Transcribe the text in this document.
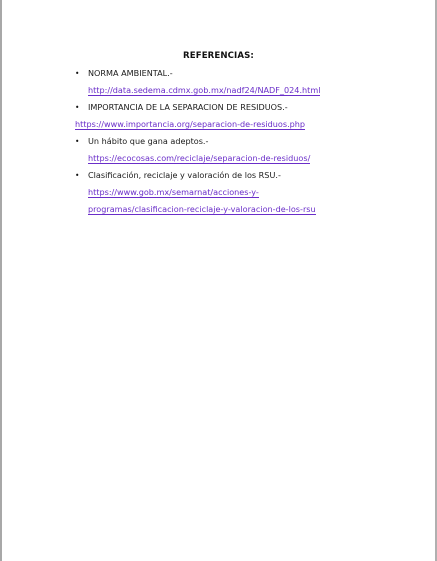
REFERENCIAS:
• NORMA AMBIENTAL.-
http://data.sedema.cdmx.gob.mx/nadf24/NADF_024.html
• IMPORTANCIA DE LA SEPARACION DE RESIDUOS.-
https://www.importancia.org/separacion-de-residuos.php
• Un hábito que gana adeptos.-
https://ecocosas.com/reciclaje/separacion-de-residuos/
• Clasificación, reciclaje y valoración de los RSU.-
https://www.gob.mx/semarnat/acciones-y-
programas/clasificacion-reciclaje-y-valoracion-de-los-rsu
